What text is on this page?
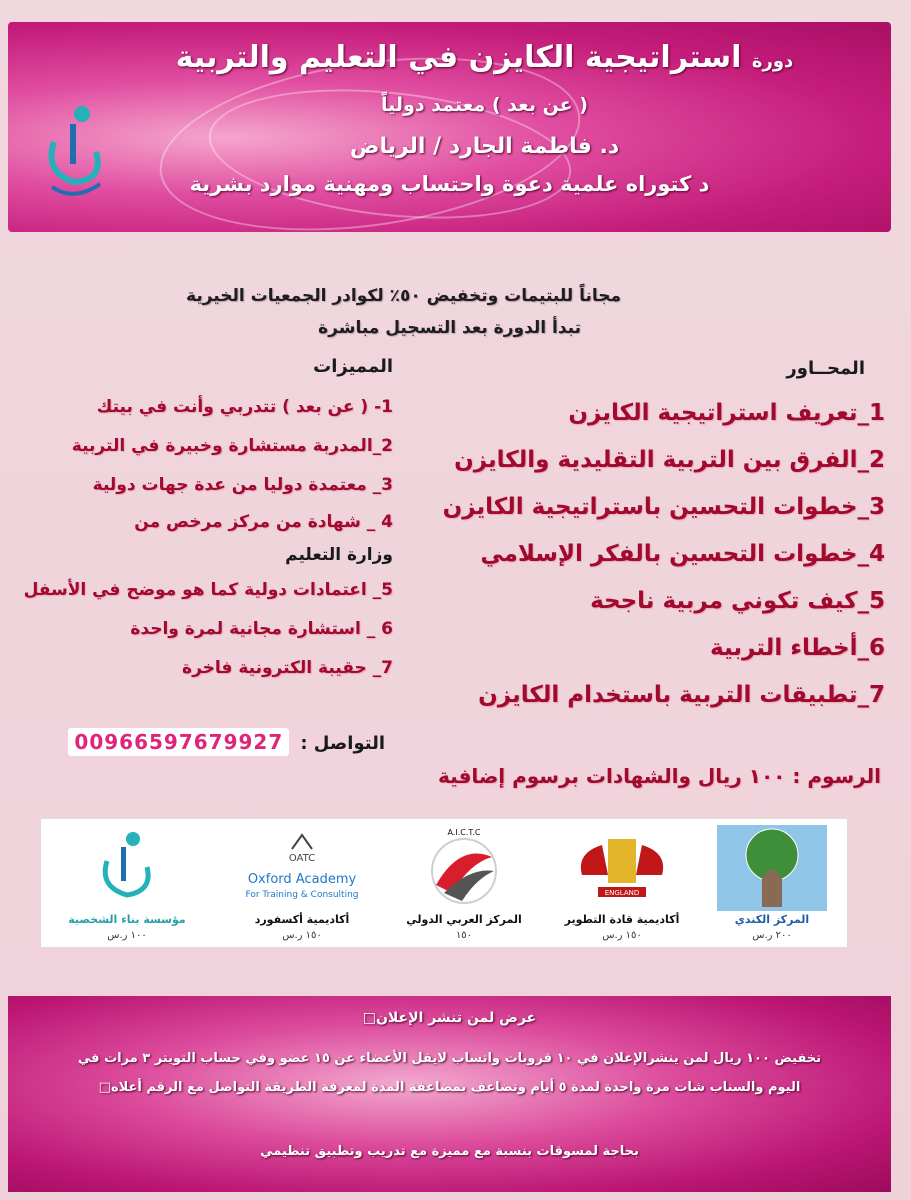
دورة استراتيجية الكايزن في التعليم والتربية
( عن بعد ) معتمد دولياً
د. فاطمة الجارد / الرياض
د كتوراه علمية دعوة واحتساب ومهنية موارد بشرية
مجاناً للبتيمات وتخفيض ٥٠٪ لكوادر الجمعيات الخيرية
تبدأ الدورة بعد التسجيل مباشرة
المحــاور
1_تعريف استراتيجية الكايزن
2_الفرق بين التربية التقليدية والكايزن
3_خطوات التحسين باستراتيجية الكايزن
4_خطوات التحسين بالفكر الإسلامي
5_كيف تكوني مربية ناجحة
6_أخطاء التربية
7_تطبيقات التربية باستخدام الكايزن
المميزات
1- ( عن بعد ) تتدربي وأنت في بيتك
2_المدربة مستشارة وخبيرة في التربية
3_ معتمدة دوليا من عدة جهات دولية
4 _ شهادة من مركز مرخص من
وزارة التعليم
5_ اعتمادات دولية كما هو موضح في الأسفل
6 _ استشارة مجانية لمرة واحدة
7_ حقيبة الكترونية فاخرة
التواصل : 00966597679927
الرسوم : ١٠٠ ريال والشهادات برسوم إضافية
المركز الكندي
٢٠٠ ر.س
ENGLAND
أكاديمية قادة التطوير
١٥٠ ر.س
A.I.C.T.C
المركز العربي الدولي
١٥٠
OATC
Oxford Academy
For Training & Consulting
أكاديمية أكسفورد
١٥٠ ر.س
مؤسسة بناء الشخصية
١٠٠ ر.س
عرض لمن تنشر الإعلان□
تخفيض ١٠٠ ريال لمن ينشرالإعلان في ١٠ قروبات واتساب لايقل الأعضاء عن ١٥ عضو وفي حساب التويتر ٣ مرات في
اليوم والسناب شات مرة واحدة لمدة ٥ أيام وتضاعف بمضاعفة المدة لمعرفة الطريقة التواصل مع الرقم أعلاه□
بحاجة لمسوقات بنسبة مع مميزة مع تدريب وتطبيق تنظيمي
